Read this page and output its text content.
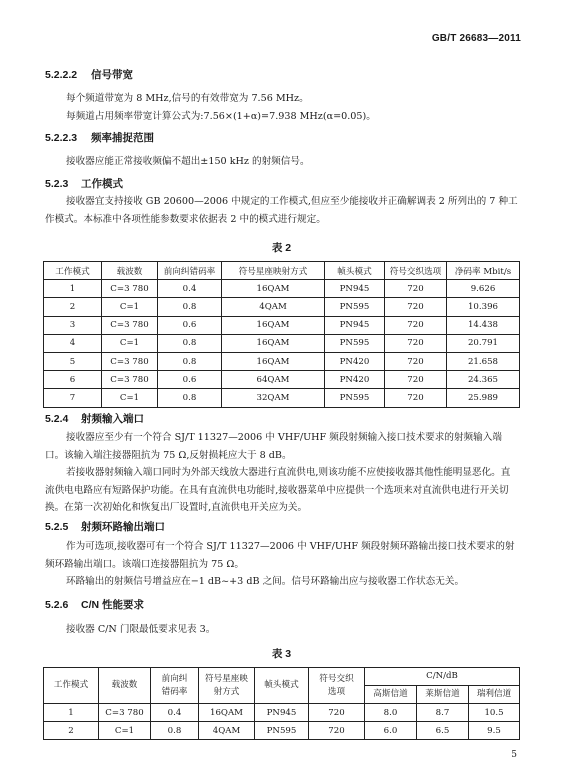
GB/T 26683—2011
5.2.2.2 信号带宽
每个频道带宽为 8 MHz,信号的有效带宽为 7.56 MHz。
每频道占用频率带宽计算公式为:7.56×(1+α)=7.938 MHz(α=0.05)。
5.2.2.3 频率捕捉范围
接收器应能正常接收频偏不超出±150 kHz 的射频信号。
5.2.3 工作模式

接收器宜支持接收 GB 20600—2006 中规定的工作模式,但应至少能接收并正确解调表 2 所列出的 7 种工作模式。本标准中各项性能参数要求依据表 2 中的模式进行规定。

表 2
工作模式	载波数	前向纠错码率	符号星座映射方式	帧头模式	符号交织选项	净码率 Mbit/s
1	C=3 780	0.4	16QAM	PN945	720	9.626
2	C=1	0.8	4QAM	PN595	720	10.396
3	C=3 780	0.6	16QAM	PN945	720	14.438
4	C=1	0.8	16QAM	PN595	720	20.791
5	C=3 780	0.8	16QAM	PN420	720	21.658
6	C=3 780	0.6	64QAM	PN420	720	24.365
7	C=1	0.8	32QAM	PN595	720	25.989
5.2.4 射频输入端口

接收器应至少有一个符合 SJ/T 11327—2006 中 VHF/UHF 频段射频输入接口技术要求的射频输入端口。该输入端注接器阻抗为 75 Ω,反射损耗应大于 8 dB。

若接收器射频输入端口同时为外部天线放大器进行直流供电,则该功能不应使接收器其他性能明显恶化。直流供电电路应有短路保护功能。在具有直流供电功能时,接收器菜单中应提供一个选项来对直流供电进行开关切换。在第一次初始化和恢复出厂设置时,直流供电开关应为关。

5.2.5 射频环路输出端口

作为可选项,接收器可有一个符合 SJ/T 11327—2006 中 VHF/UHF 频段射频环路输出接口技术要求的射频环路输出端口。该端口连接器阻抗为 75 Ω。

环路输出的射频信号增益应在−1 dB~+3 dB 之间。信号环路输出应与接收器工作状态无关。

5.2.6 C/N 性能要求
接收器 C/N 门限最低要求见表 3。
表 3
工作模式	载波数	前向纠错码率	符号星座映射方式	帧头模式	符号交织选项	C/N/dB		
						高斯信道	莱斯信道	瑞利信道
1	C=3 780	0.4	16QAM	PN945	720	8.0	8.7	10.5
2	C=1	0.8	4QAM	PN595	720	6.0	6.5	9.5
5
